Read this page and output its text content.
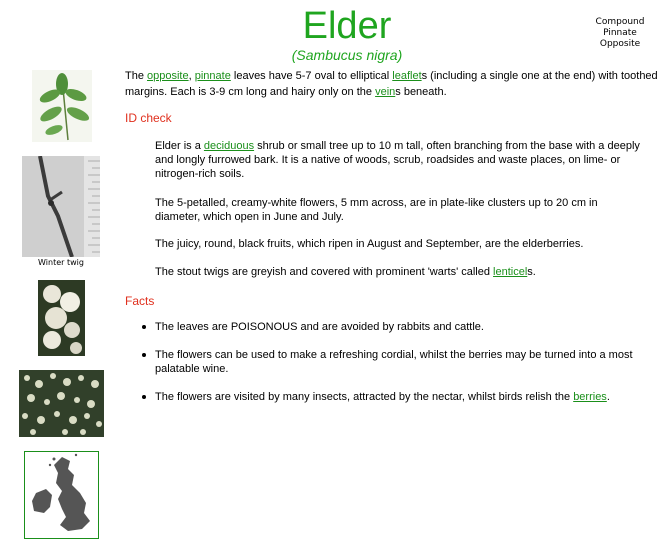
Elder
(Sambucus nigra)
Compound
Pinnate
Opposite
Winter twig
The opposite, pinnate leaves have 5-7 oval to elliptical leaflets (including a single one at the end) with toothed margins. Each is 3-9 cm long and hairy only on the veins beneath.
ID check
Elder is a deciduous shrub or small tree up to 10 m tall, often branching from the base with a deeply and longly furrowed bark. It is a native of woods, scrub, roadsides and waste places, on lime- or nitrogen-rich soils.
The 5-petalled, creamy-white flowers, 5 mm across, are in plate-like clusters up to 20 cm in diameter, which open in June and July.
The juicy, round, black fruits, which ripen in August and September, are the elderberries.
The stout twigs are greyish and covered with prominent 'warts' called lenticels.
Facts
The leaves are POISONOUS and are avoided by rabbits and cattle.
The flowers can be used to make a refreshing cordial, whilst the berries may be turned into a most palatable wine.
The flowers are visited by many insects, attracted by the nectar, whilst birds relish the berries.
